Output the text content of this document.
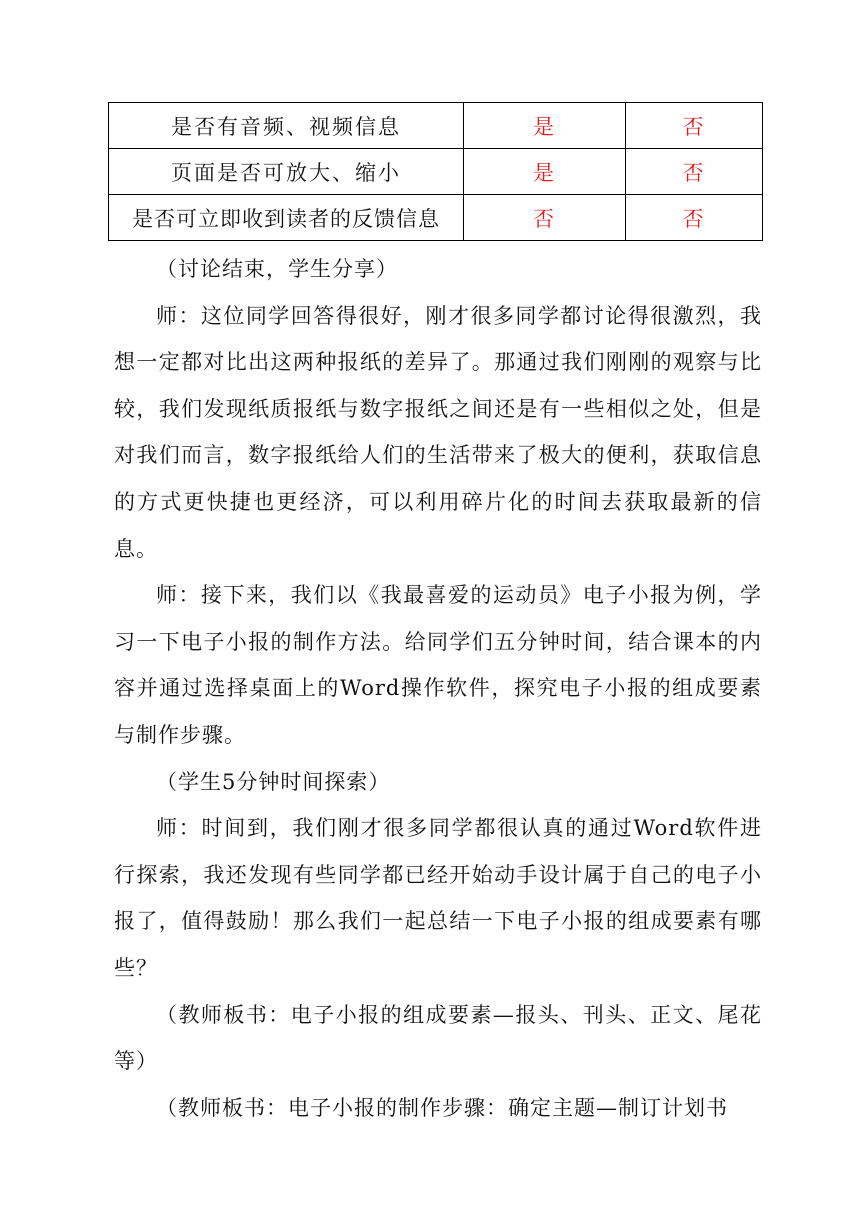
是否有音频、视频信息	是	否
页面是否可放大、缩小	是	否
是否可立即收到读者的反馈信息	否	否

（讨论结束，学生分享）

师：这位同学回答得很好，刚才很多同学都讨论得很激烈，我想一定都对比出这两种报纸的差异了。那通过我们刚刚的观察与比较，我们发现纸质报纸与数字报纸之间还是有一些相似之处，但是对我们而言，数字报纸给人们的生活带来了极大的便利，获取信息的方式更快捷也更经济，可以利用碎片化的时间去获取最新的信息。

师：接下来，我们以《我最喜爱的运动员》电子小报为例，学习一下电子小报的制作方法。给同学们五分钟时间，结合课本的内容并通过选择桌面上的Word操作软件，探究电子小报的组成要素与制作步骤。

（学生5分钟时间探索）

师：时间到，我们刚才很多同学都很认真的通过Word软件进行探索，我还发现有些同学都已经开始动手设计属于自己的电子小报了，值得鼓励！那么我们一起总结一下电子小报的组成要素有哪些？

（教师板书：电子小报的组成要素—报头、刊头、正文、尾花等）

（教师板书：电子小报的制作步骤：确定主题—制订计划书
